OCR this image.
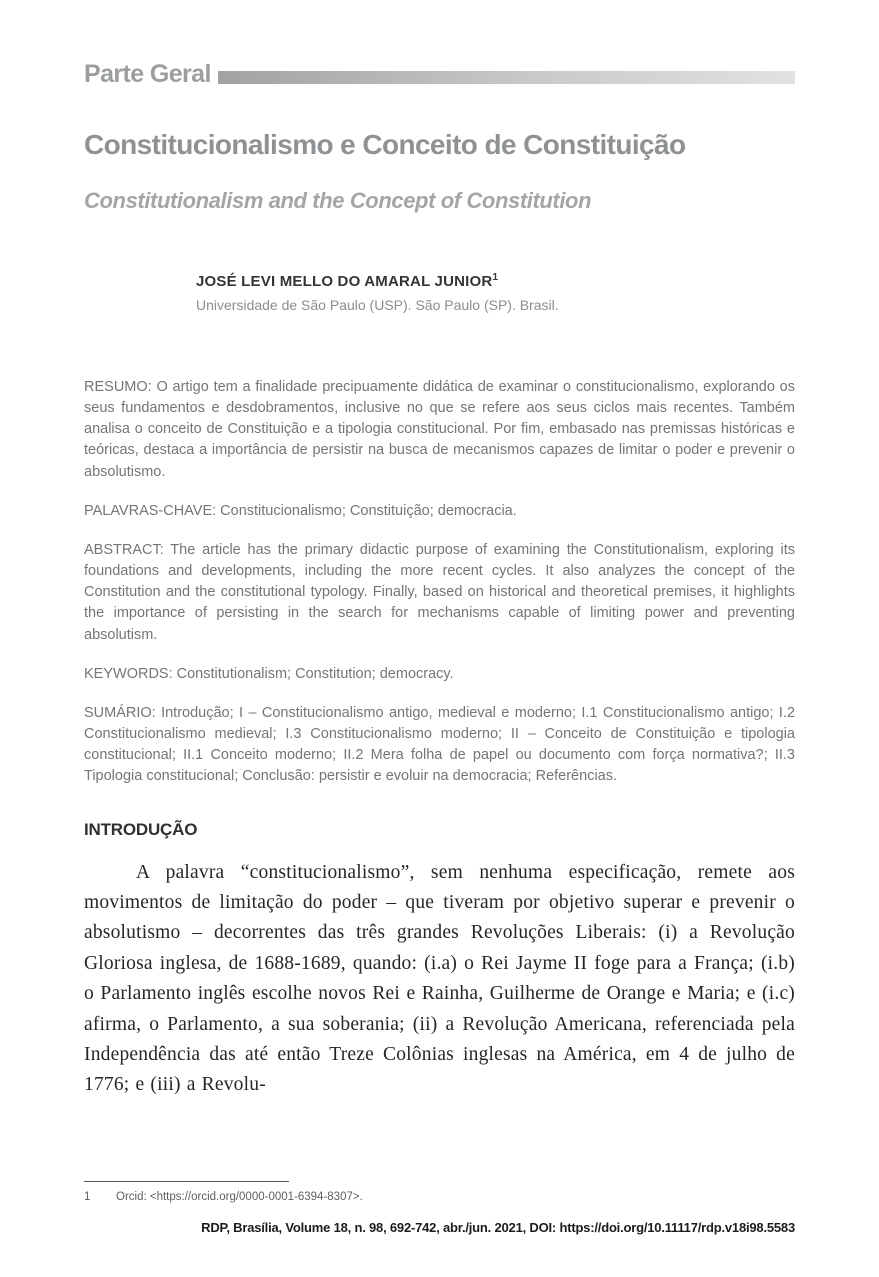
Parte Geral
Constitucionalismo e Conceito de Constituição
Constitutionalism and the Concept of Constitution
JOSÉ LEVI MELLO DO AMARAL JUNIOR$^1$
Universidade de São Paulo (USP). São Paulo (SP). Brasil.

RESUMO: O artigo tem a finalidade precipuamente didática de examinar o constitucionalismo, explorando os seus fundamentos e desdobramentos, inclusive no que se refere aos seus ciclos mais recentes. Também analisa o conceito de Constituição e a tipologia constitucional. Por fim, embasado nas premissas históricas e teóricas, destaca a importância de persistir na busca de mecanismos capazes de limitar o poder e prevenir o absolutismo.

PALAVRAS-CHAVE: Constitucionalismo; Constituição; democracia.

ABSTRACT: The article has the primary didactic purpose of examining the Constitutionalism, exploring its foundations and developments, including the more recent cycles. It also analyzes the concept of the Constitution and the constitutional typology. Finally, based on historical and theoretical premises, it highlights the importance of persisting in the search for mechanisms capable of limiting power and preventing absolutism.

KEYWORDS: Constitutionalism; Constitution; democracy.

SUMÁRIO: Introdução; I – Constitucionalismo antigo, medieval e moderno; I.1 Constitucionalismo antigo; I.2 Constitucionalismo medieval; I.3 Constitucionalismo moderno; II – Conceito de Constituição e tipologia constitucional; II.1 Conceito moderno; II.2 Mera folha de papel ou documento com força normativa?; II.3 Tipologia constitucional; Conclusão: persistir e evoluir na democracia; Referências.

INTRODUÇÃO

A palavra “constitucionalismo”, sem nenhuma especificação, remete aos movimentos de limitação do poder – que tiveram por objetivo superar e prevenir o absolutismo – decorrentes das três grandes Revoluções Liberais: (i) a Revolução Gloriosa inglesa, de 1688-1689, quando: (i.a) o Rei Jayme II foge para a França; (i.b) o Parlamento inglês escolhe novos Rei e Rainha, Guilherme de Orange e Maria; e (i.c) afirma, o Parlamento, a sua soberania; (ii) a Revolução Americana, referenciada pela Independência das até então Treze Colônias inglesas na América, em 4 de julho de 1776; e (iii) a Revolu-

1	Orcid: <https://orcid.org/0000-0001-6394-8307>.
RDP, Brasília, Volume 18, n. 98, 692-742, abr./jun. 2021, DOI: https://doi.org/10.11117/rdp.v18i98.5583
